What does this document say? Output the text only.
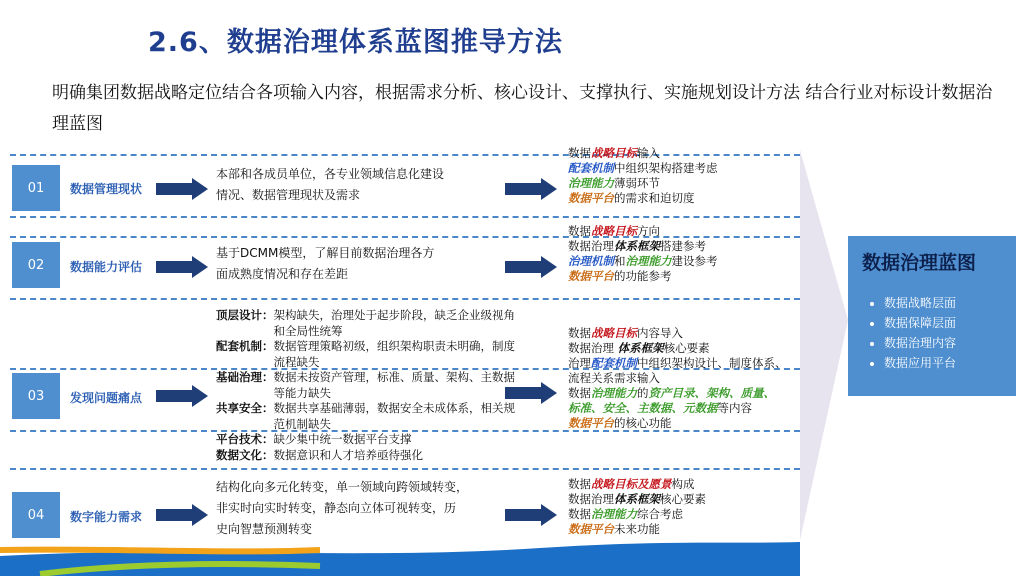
2.6、数据治理体系蓝图推导方法
明确集团数据战略定位结合各项输入内容，根据需求分析、核心设计、支撑执行、实施规划设计方法 结合行业对标设计数据治理蓝图
01	数据管理现状
本部和各成员单位，各专业领域信息化建设
情况、数据管理现状及需求
数据战略目标输入
配套机制中组织架构搭建考虑
治理能力薄弱环节
数据平台的需求和迫切度
02	数据能力评估
基于DCMM模型，了解目前数据治理各方
面成熟度情况和存在差距
数据战略目标方向
数据治理体系框架搭建参考
治理机制和治理能力建设参考
数据平台的功能参考
03	发现问题痛点
顶层设计： 架构缺失，治理处于起步阶段，缺乏企业级视角和全局性统筹
配套机制： 数据管理策略初级，组织架构职责未明确，制度流程缺失
基础治理： 数据未按资产管理，标准、质量、架构、主数据等能力缺失
共享安全： 数据共享基础薄弱，数据安全未成体系，相关规范机制缺失
平台技术： 缺少集中统一数据平台支撑
数据文化： 数据意识和人才培养亟待强化
数据战略目标内容导入
数据治理 体系框架核心要素
治理配套机制中组织架构设计、制度体系、
流程关系需求输入
数据治理能力的资产目录、架构、质量、
标准、安全、主数据、元数据等内容
数据平台的核心功能
04	数字能力需求
结构化向多元化转变，单一领域向跨领域转变，
非实时向实时转变，静态向立体可视转变，历
史向智慧预测转变
数据战略目标及愿景构成
数据治理体系框架核心要素
数据治理能力综合考虑
数据平台未来功能
数据治理蓝图
• 数据战略层面
• 数据保障层面
• 数据治理内容
• 数据应用平台
